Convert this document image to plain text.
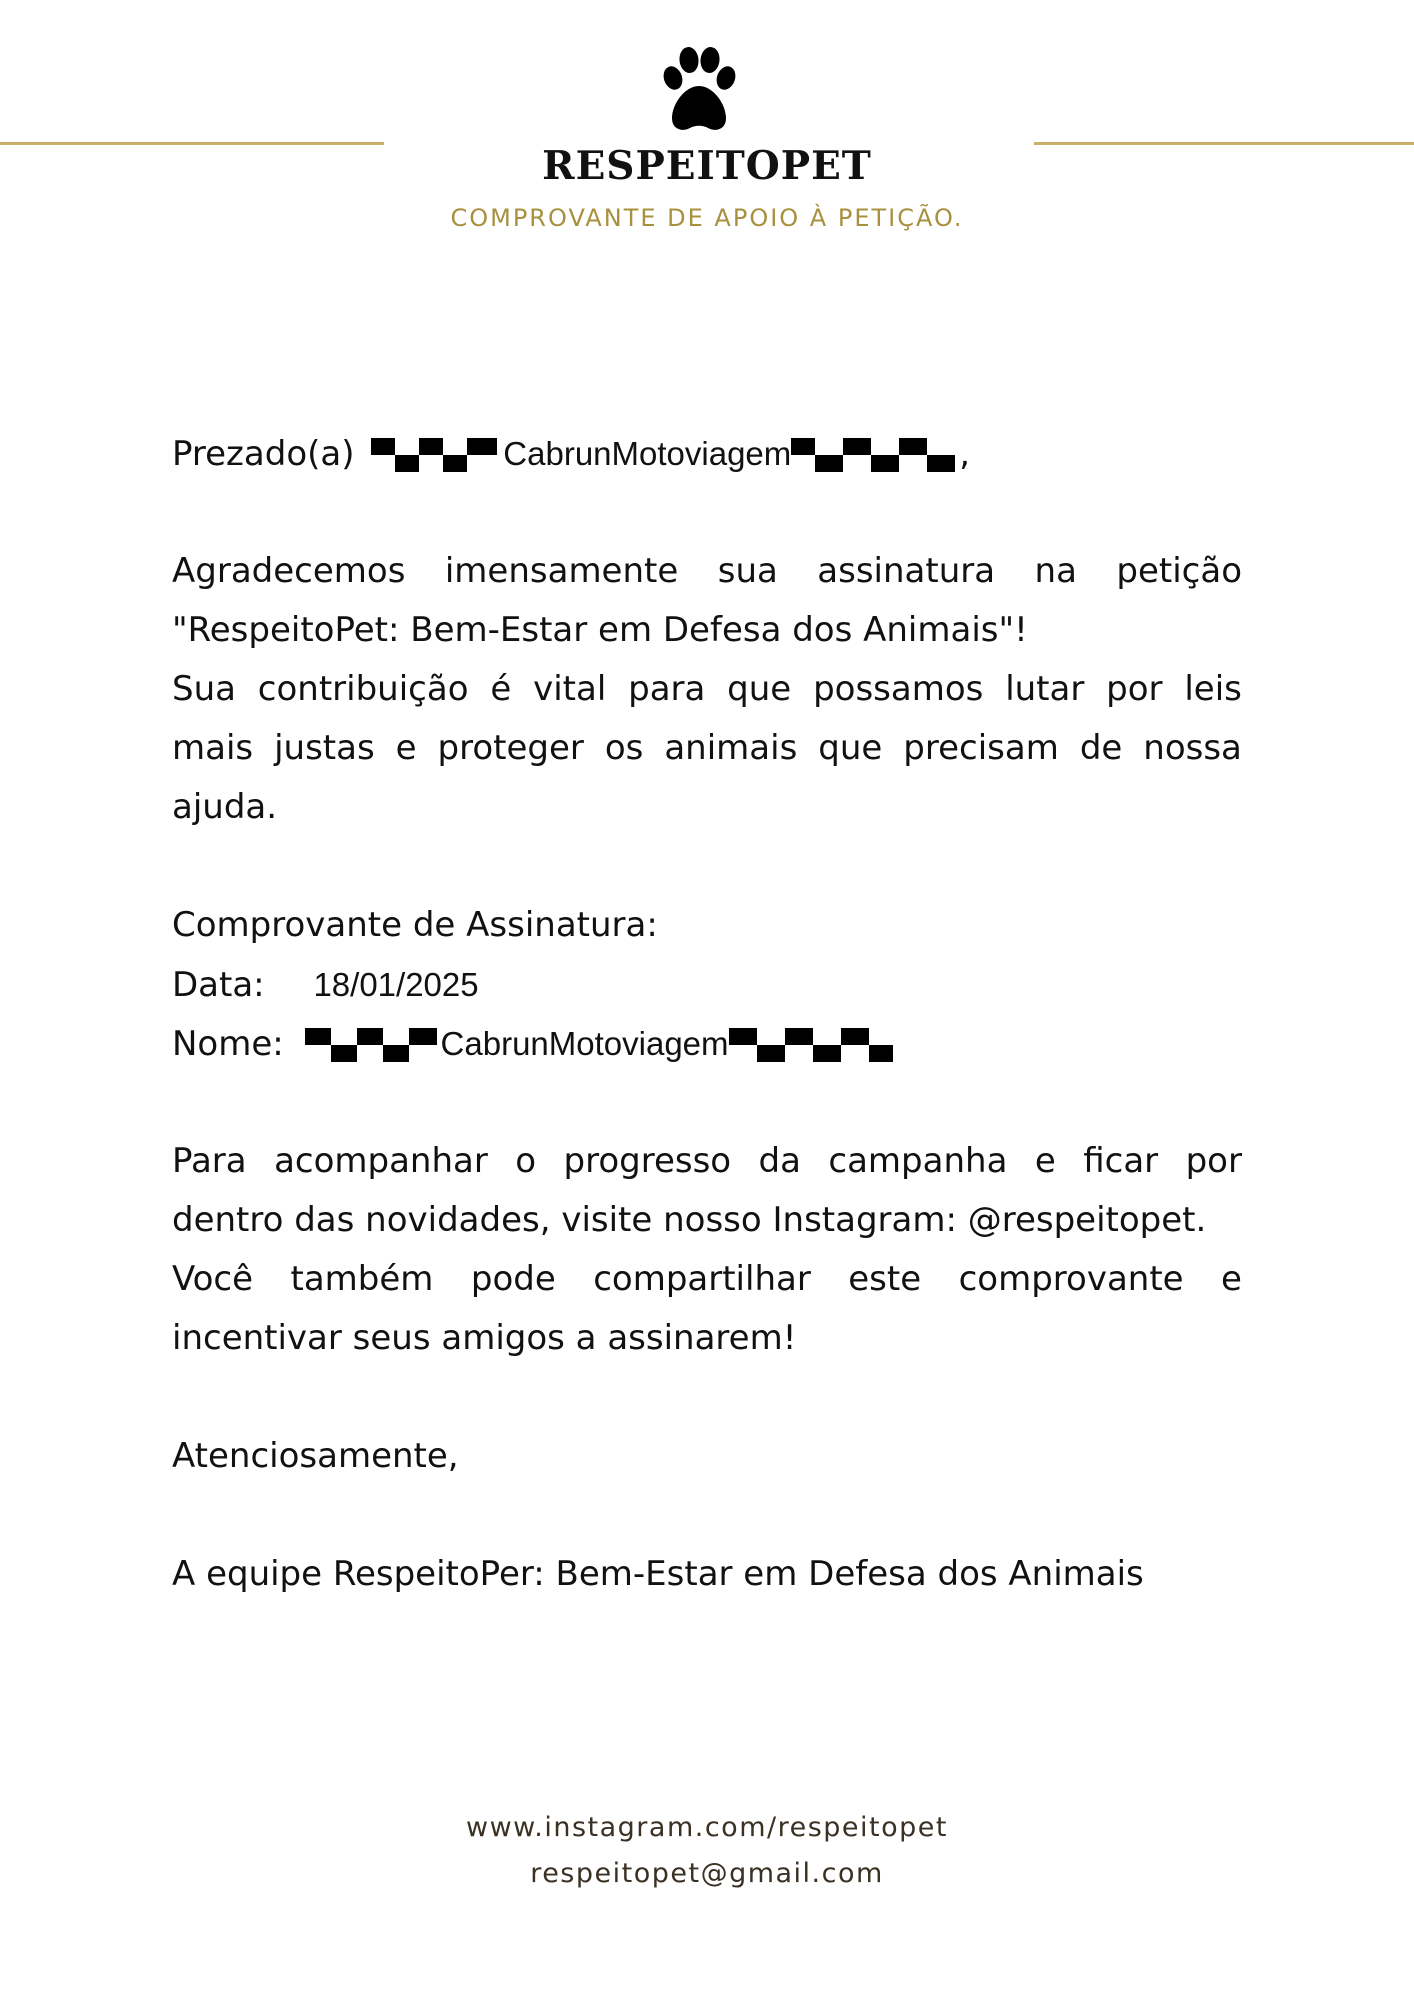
RESPEITOPET
COMPROVANTE DE APOIO À PETIÇÃO.
Prezado(a)	CabrunMotoviagem	,
Agradecemos imensamente sua assinatura na petição
"RespeitoPet: Bem-Estar em Defesa dos Animais"!
Sua contribuição é vital para que possamos lutar por leis
mais justas e proteger os animais que precisam de nossa
ajuda.
Comprovante de Assinatura:
Data: 18/01/2025
Nome:	CabrunMotoviagem
Para acompanhar o progresso da campanha e ficar por
dentro das novidades, visite nosso Instagram: @respeitopet.
Você também pode compartilhar este comprovante e
incentivar seus amigos a assinarem!
Atenciosamente,
A equipe RespeitoPer: Bem-Estar em Defesa dos Animais
www.instagram.com/respeitopet
respeitopet@gmail.com
